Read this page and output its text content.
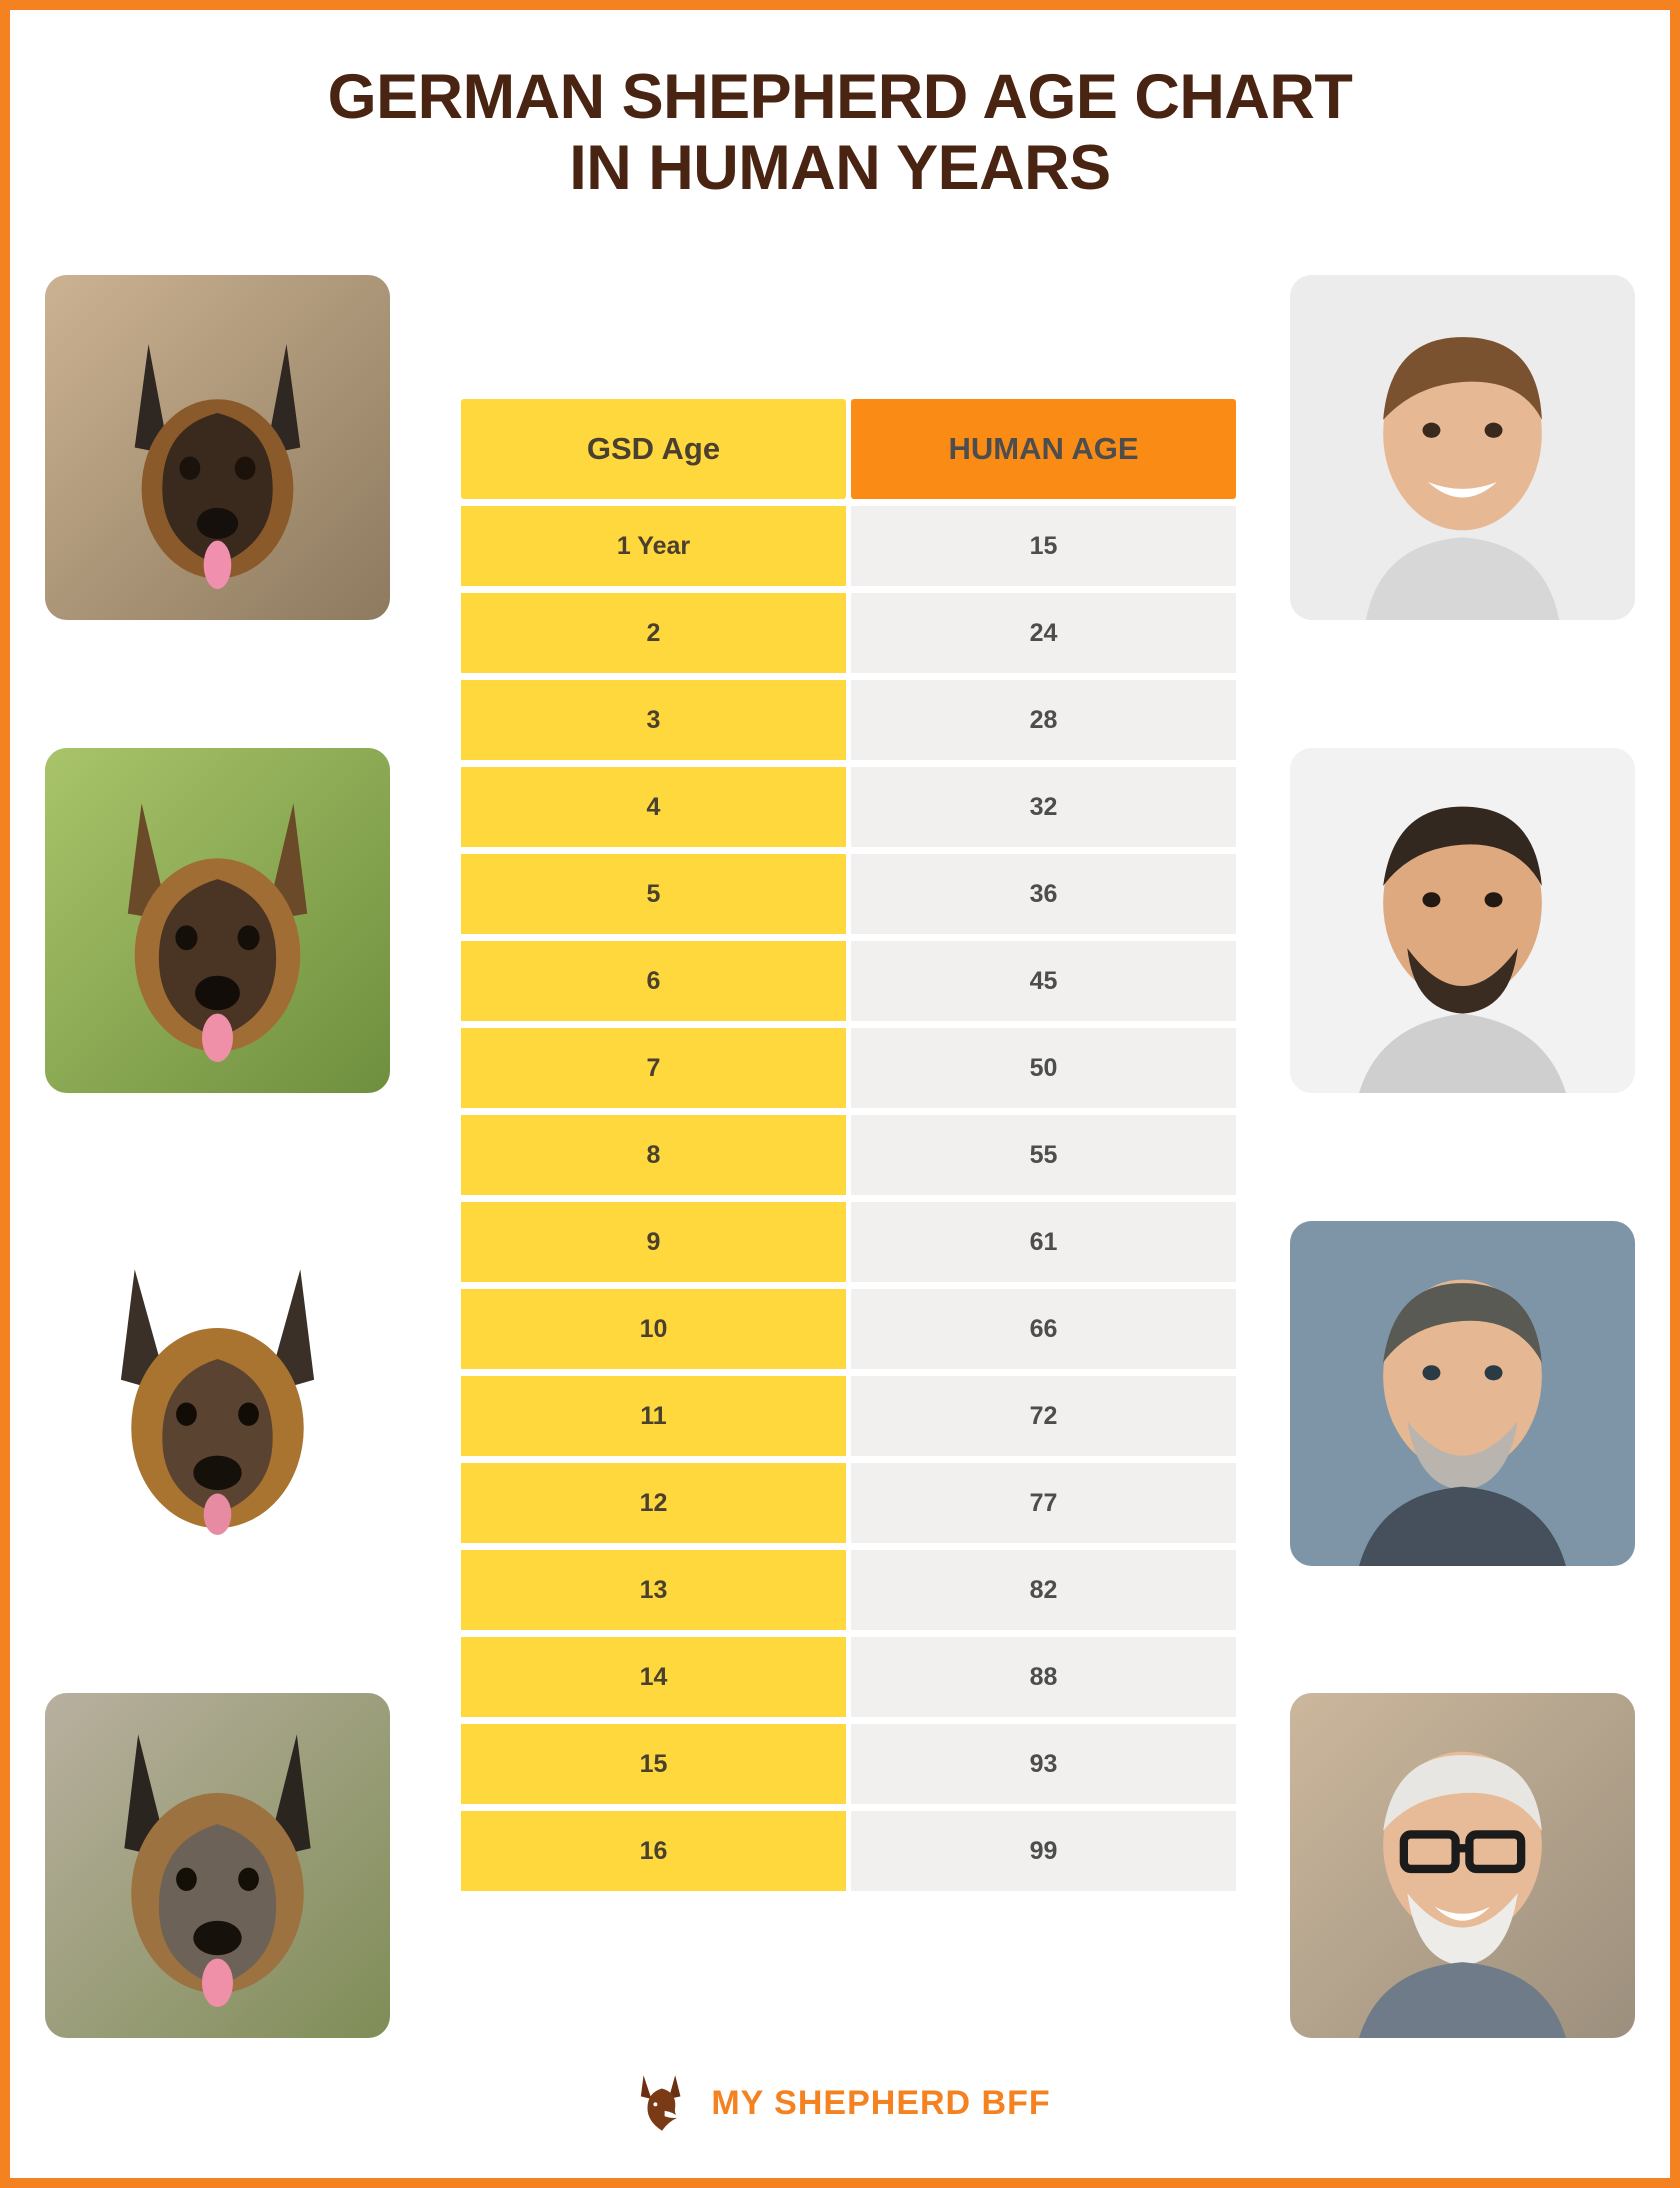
GERMAN SHEPHERD AGE CHART
IN HUMAN YEARS
GSD Age	HUMAN AGE
1 Year	15
2	24
3	28
4	32
5	36
6	45
7	50
8	55
9	61
10	66
11	72
12	77
13	82
14	88
15	93
16	99
MY SHEPHERD BFF
